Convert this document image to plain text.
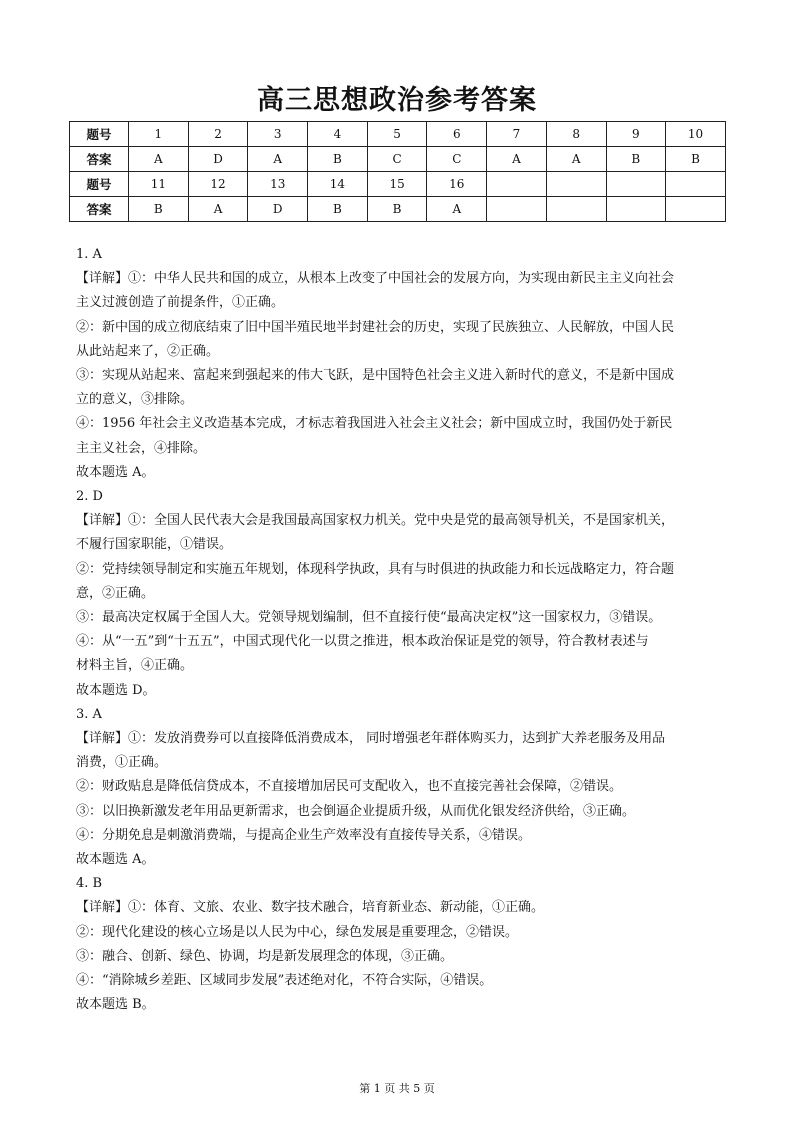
高三思想政治参考答案
题号	1	2	3	4	5	6	7	8	9	10
答案	A	D	A	B	C	C	A	A	B	B
题号	11	12	13	14	15	16				
答案	B	A	D	B	B	A				

1. A

【详解】①：中华人民共和国的成立，从根本上改变了中国社会的发展方向，为实现由新民主主义向社会

主义过渡创造了前提条件，①正确。

②：新中国的成立彻底结束了旧中国半殖民地半封建社会的历史，实现了民族独立、人民解放，中国人民

从此站起来了，②正确。

③：实现从站起来、富起来到强起来的伟大飞跃，是中国特色社会主义进入新时代的意义，不是新中国成

立的意义，③排除。

④：1956 年社会主义改造基本完成，才标志着我国进入社会主义社会；新中国成立时，我国仍处于新民

主主义社会，④排除。

故本题选 A。

2. D

【详解】①：全国人民代表大会是我国最高国家权力机关。党中央是党的最高领导机关，不是国家机关，

不履行国家职能，①错误。

②：党持续领导制定和实施五年规划，体现科学执政，具有与时俱进的执政能力和长远战略定力，符合题

意，②正确。

③：最高决定权属于全国人大。党领导规划编制，但不直接行使“最高决定权”这一国家权力，③错误。

④：从“一五”到“十五五”，中国式现代化一以贯之推进，根本政治保证是党的领导，符合教材表述与

材料主旨，④正确。

故本题选 D。

3. A

【详解】①：发放消费券可以直接降低消费成本， 同时增强老年群体购买力，达到扩大养老服务及用品

消费，①正确。

②：财政贴息是降低信贷成本，不直接增加居民可支配收入，也不直接完善社会保障，②错误。

③：以旧换新激发老年用品更新需求，也会倒逼企业提质升级，从而优化银发经济供给，③正确。

④：分期免息是刺激消费端，与提高企业生产效率没有直接传导关系，④错误。

故本题选 A。

4. B

【详解】①：体育、文旅、农业、数字技术融合，培育新业态、新动能，①正确。

②：现代化建设的核心立场是以人民为中心，绿色发展是重要理念，②错误。

③：融合、创新、绿色、协调，均是新发展理念的体现，③正确。

④：“消除城乡差距、区域同步发展”表述绝对化，不符合实际，④错误。

故本题选 B。

第 1 页 共 5 页
